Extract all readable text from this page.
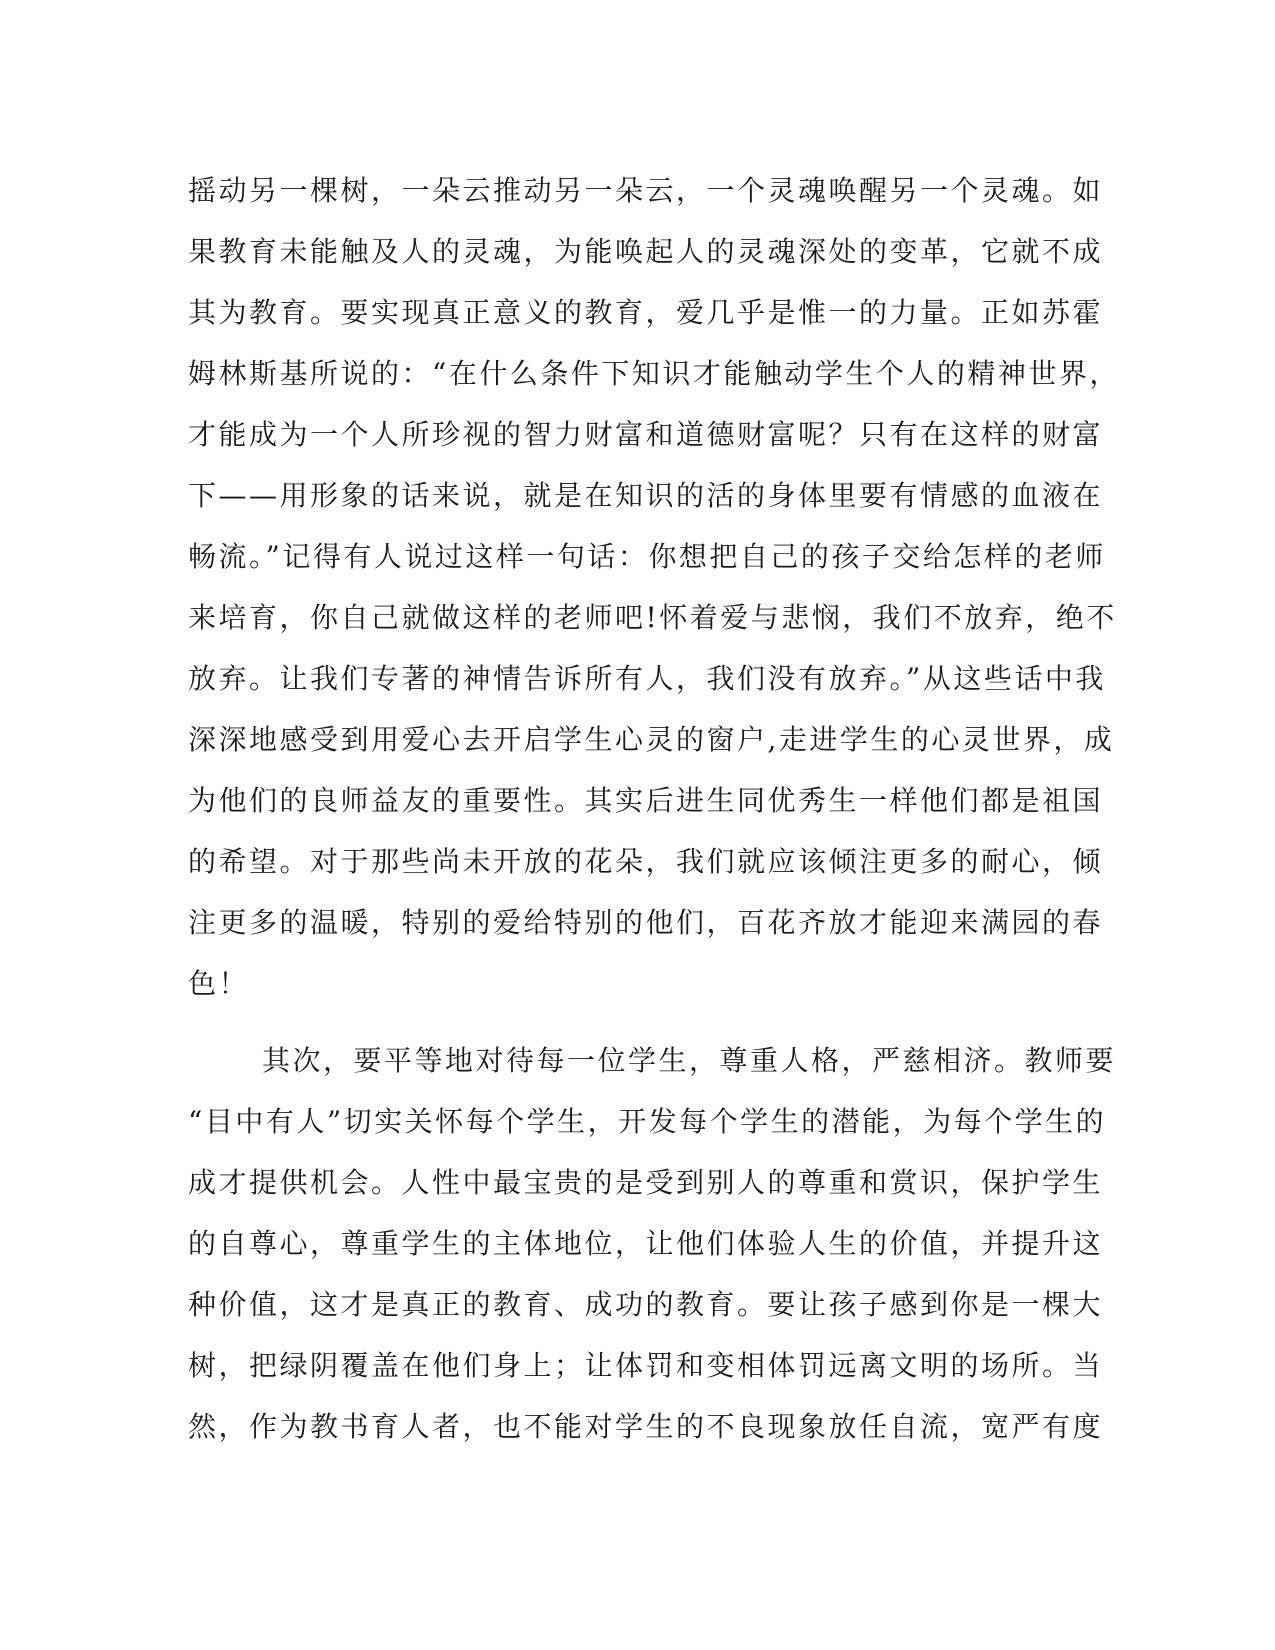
摇动另一棵树，一朵云推动另一朵云，一个灵魂唤醒另一个灵魂。如
果教育未能触及人的灵魂，为能唤起人的灵魂深处的变革，它就不成
其为教育。要实现真正意义的教育，爱几乎是惟一的力量。正如苏霍
姆林斯基所说的：“在什么条件下知识才能触动学生个人的精神世界，
才能成为一个人所珍视的智力财富和道德财富呢？只有在这样的财富
下——用形象的话来说，就是在知识的活的身体里要有情感的血液在
畅流。”记得有人说过这样一句话：你想把自己的孩子交给怎样的老师
来培育，你自己就做这样的老师吧!怀着爱与悲悯，我们不放弃，绝不
放弃。让我们专著的神情告诉所有人，我们没有放弃。”从这些话中我
深深地感受到用爱心去开启学生心灵的窗户,走进学生的心灵世界，成
为他们的良师益友的重要性。其实后进生同优秀生一样他们都是祖国
的希望。对于那些尚未开放的花朵，我们就应该倾注更多的耐心，倾
注更多的温暖，特别的爱给特别的他们，百花齐放才能迎来满园的春
色！
其次，要平等地对待每一位学生，尊重人格，严慈相济。教师要
“目中有人”切实关怀每个学生，开发每个学生的潜能，为每个学生的
成才提供机会。人性中最宝贵的是受到别人的尊重和赏识，保护学生
的自尊心，尊重学生的主体地位，让他们体验人生的价值，并提升这
种价值，这才是真正的教育、成功的教育。要让孩子感到你是一棵大
树，把绿阴覆盖在他们身上；让体罚和变相体罚远离文明的场所。当
然，作为教书育人者，也不能对学生的不良现象放任自流，宽严有度
